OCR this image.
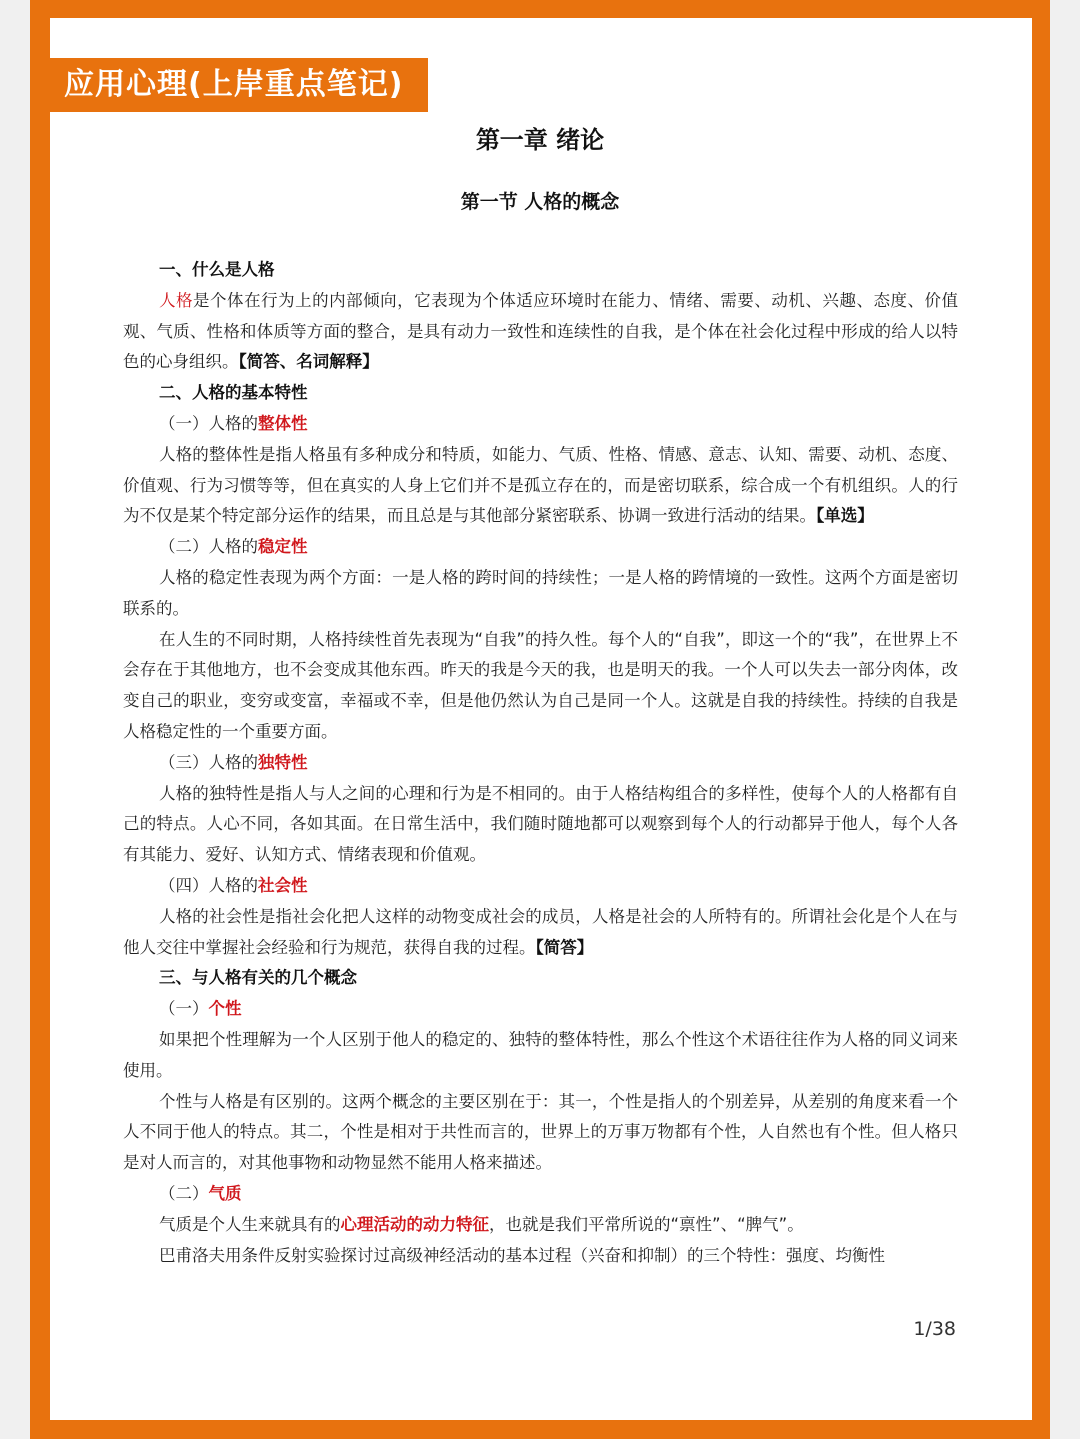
应用心理(上岸重点笔记)
第一章 绪论
第一节 人格的概念

一、什么是人格

人格是个体在行为上的内部倾向，它表现为个体适应环境时在能力、情绪、需要、动机、兴趣、态度、价值观、气质、性格和体质等方面的整合，是具有动力一致性和连续性的自我，是个体在社会化过程中形成的给人以特色的心身组织。【简答、名词解释】

二、人格的基本特性

（一）人格的整体性

人格的整体性是指人格虽有多种成分和特质，如能力、气质、性格、情感、意志、认知、需要、动机、态度、价值观、行为习惯等等，但在真实的人身上它们并不是孤立存在的，而是密切联系，综合成一个有机组织。人的行为不仅是某个特定部分运作的结果，而且总是与其他部分紧密联系、协调一致进行活动的结果。【单选】

（二）人格的稳定性

人格的稳定性表现为两个方面：一是人格的跨时间的持续性；一是人格的跨情境的一致性。这两个方面是密切联系的。

在人生的不同时期，人格持续性首先表现为“自我”的持久性。每个人的“自我”，即这一个的“我”，在世界上不会存在于其他地方，也不会变成其他东西。昨天的我是今天的我，也是明天的我。一个人可以失去一部分肉体，改变自己的职业，变穷或变富，幸福或不幸，但是他仍然认为自己是同一个人。这就是自我的持续性。持续的自我是人格稳定性的一个重要方面。

（三）人格的独特性

人格的独特性是指人与人之间的心理和行为是不相同的。由于人格结构组合的多样性，使每个人的人格都有自己的特点。人心不同，各如其面。在日常生活中，我们随时随地都可以观察到每个人的行动都异于他人，每个人各有其能力、爱好、认知方式、情绪表现和价值观。

（四）人格的社会性

人格的社会性是指社会化把人这样的动物变成社会的成员，人格是社会的人所特有的。所谓社会化是个人在与他人交往中掌握社会经验和行为规范，获得自我的过程。【简答】

三、与人格有关的几个概念

（一）个性

如果把个性理解为一个人区别于他人的稳定的、独特的整体特性，那么个性这个术语往往作为人格的同义词来使用。

个性与人格是有区别的。这两个概念的主要区别在于：其一，个性是指人的个别差异，从差别的角度来看一个人不同于他人的特点。其二，个性是相对于共性而言的，世界上的万事万物都有个性，人自然也有个性。但人格只是对人而言的，对其他事物和动物显然不能用人格来描述。

（二）气质

气质是个人生来就具有的心理活动的动力特征，也就是我们平常所说的“禀性”、“脾气”。

巴甫洛夫用条件反射实验探讨过高级神经活动的基本过程（兴奋和抑制）的三个特性：强度、均衡性

1/38
